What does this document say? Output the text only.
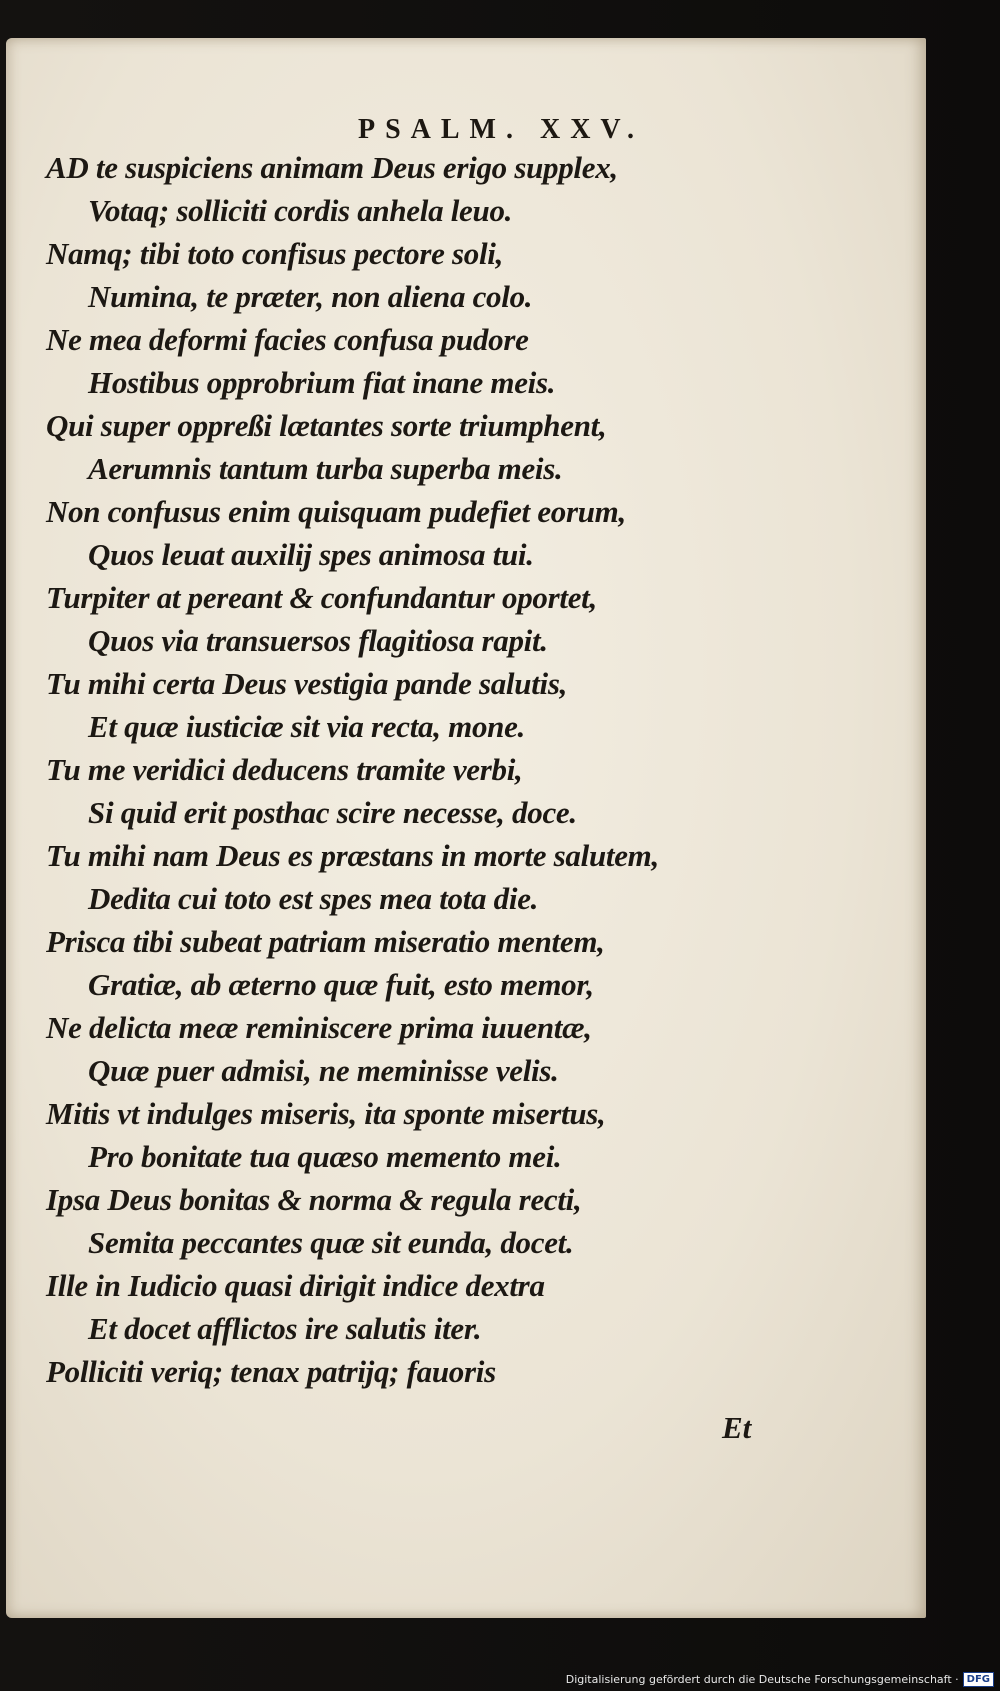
PSALM. XXV.
AD te suspiciens animam Deus erigo supplex,
Votaq; solliciti cordis anhela leuo.
Namq; tibi toto confisus pectore soli,
Numina, te præter, non aliena colo.
Ne mea deformi facies confusa pudore
Hostibus opprobrium fiat inane meis.
Qui super oppreßi lætantes sorte triumphent,
Aerumnis tantum turba superba meis.
Non confusus enim quisquam pudefiet eorum,
Quos leuat auxilij spes animosa tui.
Turpiter at pereant & confundantur oportet,
Quos via transuersos flagitiosa rapit.
Tu mihi certa Deus vestigia pande salutis,
Et quæ iusticiæ sit via recta, mone.
Tu me veridici deducens tramite verbi,
Si quid erit posthac scire necesse, doce.
Tu mihi nam Deus es præstans in morte salutem,
Dedita cui toto est spes mea tota die.
Prisca tibi subeat patriam miseratio mentem,
Gratiæ, ab æterno quæ fuit, esto memor,
Ne delicta meæ reminiscere prima iuuentæ,
Quæ puer admisi, ne meminisse velis.
Mitis vt indulges miseris, ita sponte misertus,
Pro bonitate tua quæso memento mei.
Ipsa Deus bonitas & norma & regula recti,
Semita peccantes quæ sit eunda, docet.
Ille in Iudicio quasi dirigit indice dextra
Et docet afflictos ire salutis iter.
Polliciti veriq; tenax patrijq; fauoris
Et
Digitalisierung gefördert durch die Deutsche Forschungsgemeinschaft · DFG
